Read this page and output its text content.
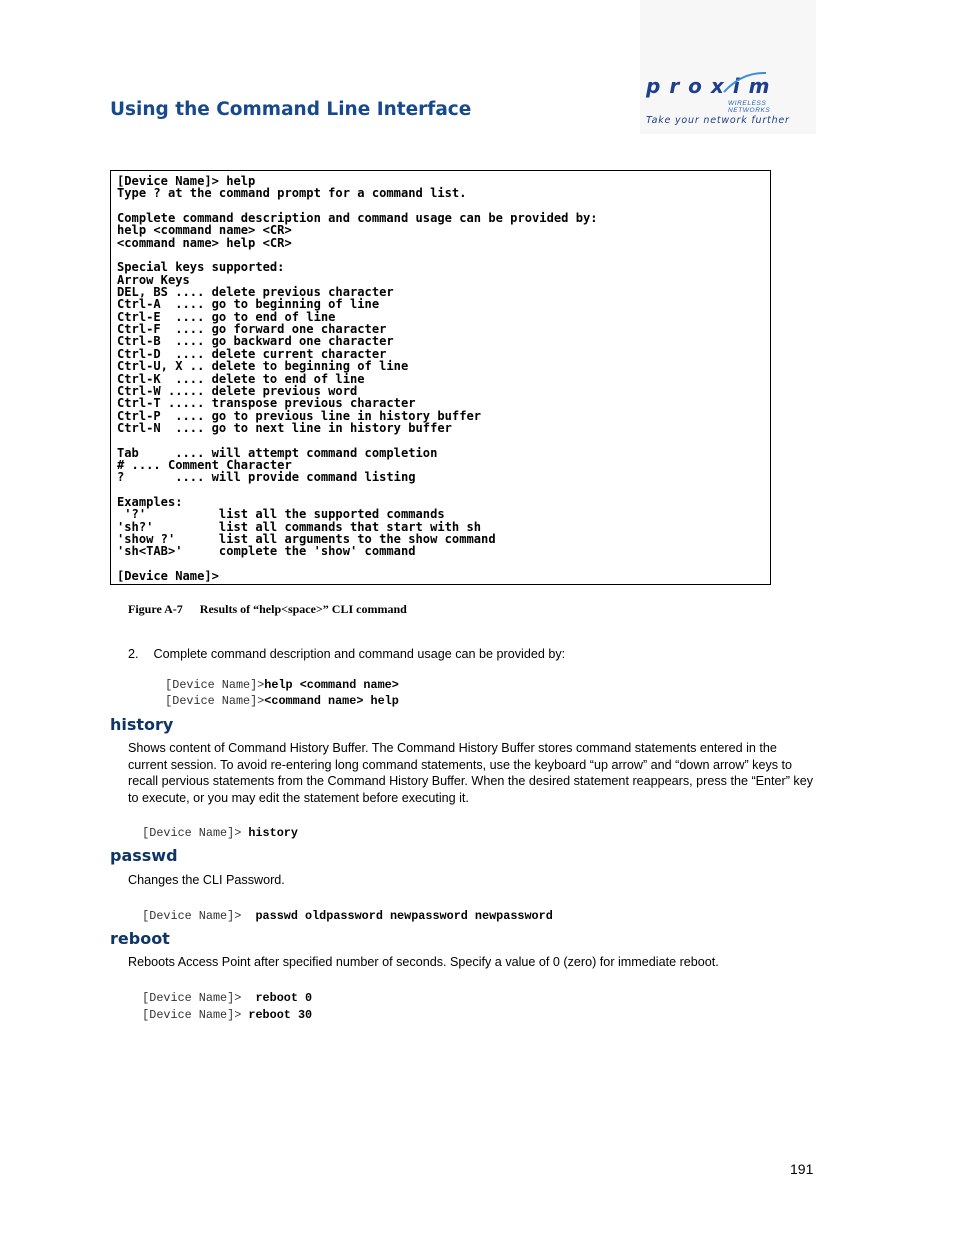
proxim
WIRELESS NETWORKS
Take your network further
Using the Command Line Interface
[Device Name]> help
Type ? at the command prompt for a command list.

Complete command description and command usage can be provided by:
help <command name> <CR>
<command name> help <CR>

Special keys supported:
Arrow Keys
DEL, BS .... delete previous character
Ctrl-A  .... go to beginning of line
Ctrl-E  .... go to end of line
Ctrl-F  .... go forward one character
Ctrl-B  .... go backward one character
Ctrl-D  .... delete current character
Ctrl-U, X .. delete to beginning of line
Ctrl-K  .... delete to end of line
Ctrl-W ..... delete previous word
Ctrl-T ..... transpose previous character
Ctrl-P  .... go to previous line in history buffer
Ctrl-N  .... go to next line in history buffer

Tab     .... will attempt command completion
# .... Comment Character
?       .... will provide command listing

Examples:
'?'          list all the supported commands
'sh?'         list all commands that start with sh
'show ?'      list all arguments to the show command
'sh<TAB>'     complete the 'show' command

[Device Name]>
Figure A-7 Results of “help<space>” CLI command
2. Complete command description and command usage can be provided by:

[Device Name]>help <command name>

[Device Name]><command name> help

history

Shows content of Command History Buffer. The Command History Buffer stores command statements entered in the current session. To avoid re-entering long command statements, use the keyboard “up arrow” and “down arrow” keys to recall pervious statements from the Command History Buffer. When the desired statement reappears, press the “Enter” key to execute, or you may edit the statement before executing it.

[Device Name]> history

passwd

Changes the CLI Password.

[Device Name]> passwd oldpassword newpassword newpassword

reboot

Reboots Access Point after specified number of seconds. Specify a value of 0 (zero) for immediate reboot.

[Device Name]> reboot 0

[Device Name]> reboot 30

191
